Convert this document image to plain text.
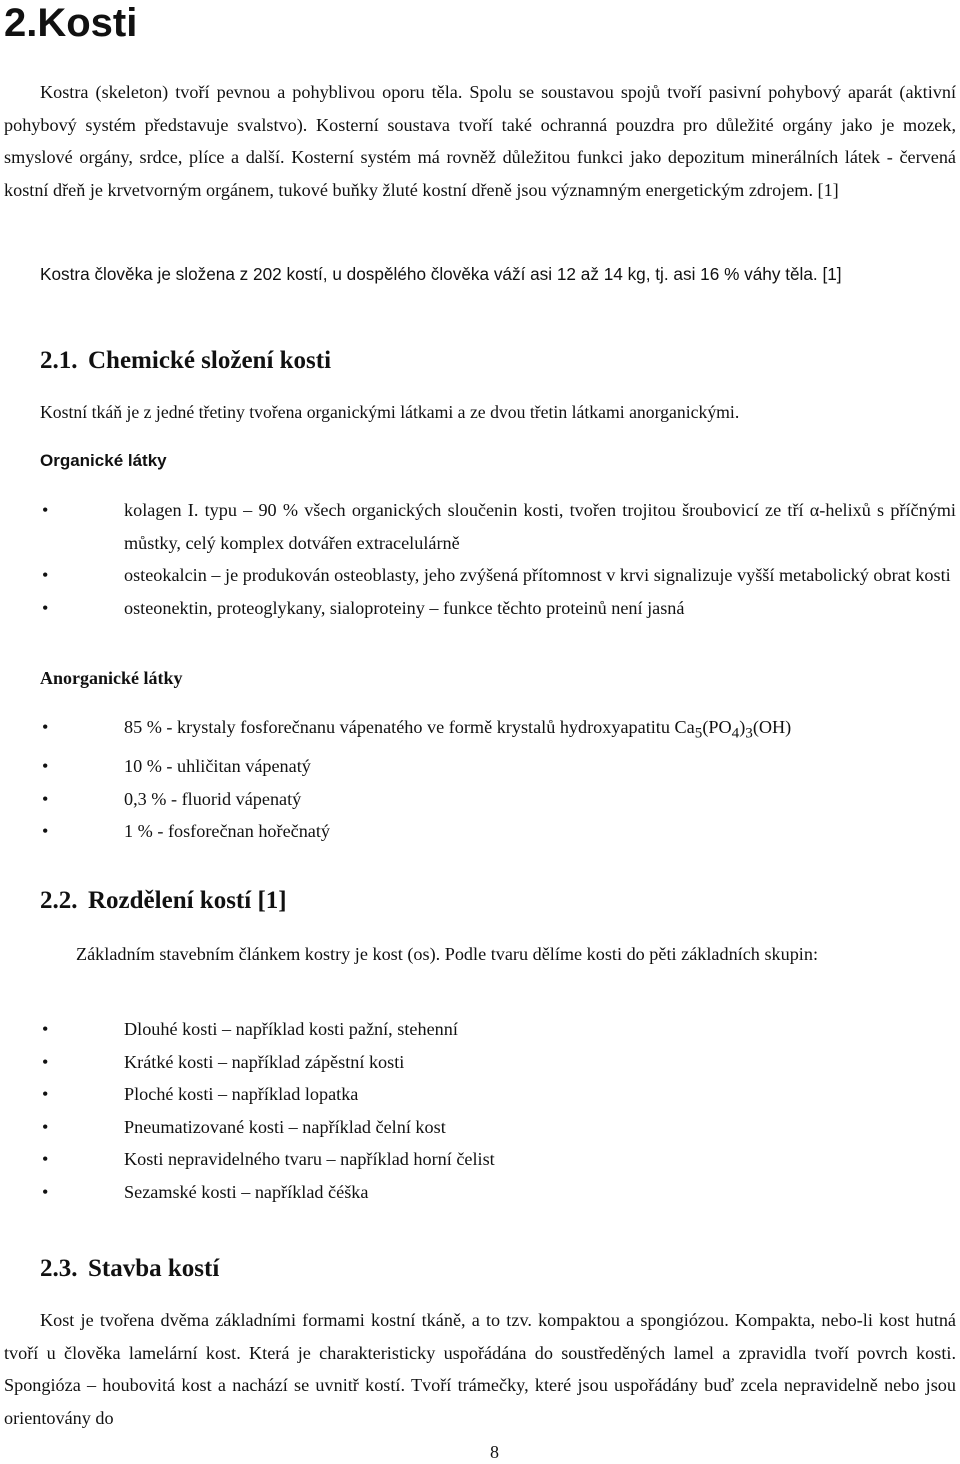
2.Kosti

Kostra (skeleton) tvoří pevnou a pohyblivou oporu těla. Spolu se soustavou spojů tvoří pasivní pohybový aparát (aktivní pohybový systém představuje svalstvo). Kosterní soustava tvoří také ochranná pouzdra pro důležité orgány jako je mozek, smyslové orgány, srdce, plíce a další. Kosterní systém má rovněž důležitou funkci jako depozitum minerálních látek - červená kostní dřeň je krvetvorným orgánem, tukové buňky žluté kostní dřeně jsou významným energetickým zdrojem. [1]

Kostra člověka je složena z 202 kostí, u dospělého člověka váží asi 12 až 14 kg, tj. asi 16 % váhy těla. [1]

2.1. Chemické složení kosti

Kostní tkáň je z jedné třetiny tvořena organickými látkami a ze dvou třetin látkami anorganickými.

Organické látky

•	kolagen I. typu – 90 % všech organických sloučenin kosti, tvořen trojitou šroubovicí ze tří α-helixů s příčnými můstky, celý komplex dotvářen extracelulárně
•	osteokalcin – je produkován osteoblasty, jeho zvýšená přítomnost v krvi signalizuje vyšší metabolický obrat kosti
•	osteonektin, proteoglykany, sialoproteiny – funkce těchto proteinů není jasná

Anorganické látky

•	85 % - krystaly fosforečnanu vápenatého ve formě krystalů hydroxyapatitu $Ca_5(PO_4)_3(OH)$
•	10 % - uhličitan vápenatý
•	0,3 % - fluorid vápenatý
•	1 % - fosforečnan hořečnatý
2.2. Rozdělení kostí [1]

Základním stavebním článkem kostry je kost (os). Podle tvaru dělíme kosti do pěti základních skupin:

•	Dlouhé kosti – například kosti pažní, stehenní
•	Krátké kosti – například zápěstní kosti
•	Ploché kosti – například lopatka
•	Pneumatizované kosti – například čelní kost
•	Kosti nepravidelného tvaru – například horní čelist
•	Sezamské kosti – například čéška
2.3. Stavba kostí

Kost je tvořena dvěma základními formami kostní tkáně, a to tzv. kompaktou a spongiózou. Kompakta, nebo-li kost hutná tvoří u člověka lamelární kost. Která je charakteristicky uspořádána do soustředěných lamel a zpravidla tvoří povrch kosti. Spongióza – houbovitá kost a nachází se uvnitř kostí. Tvoří trámečky, které jsou uspořádány buď zcela nepravidelně nebo jsou orientovány do

8
